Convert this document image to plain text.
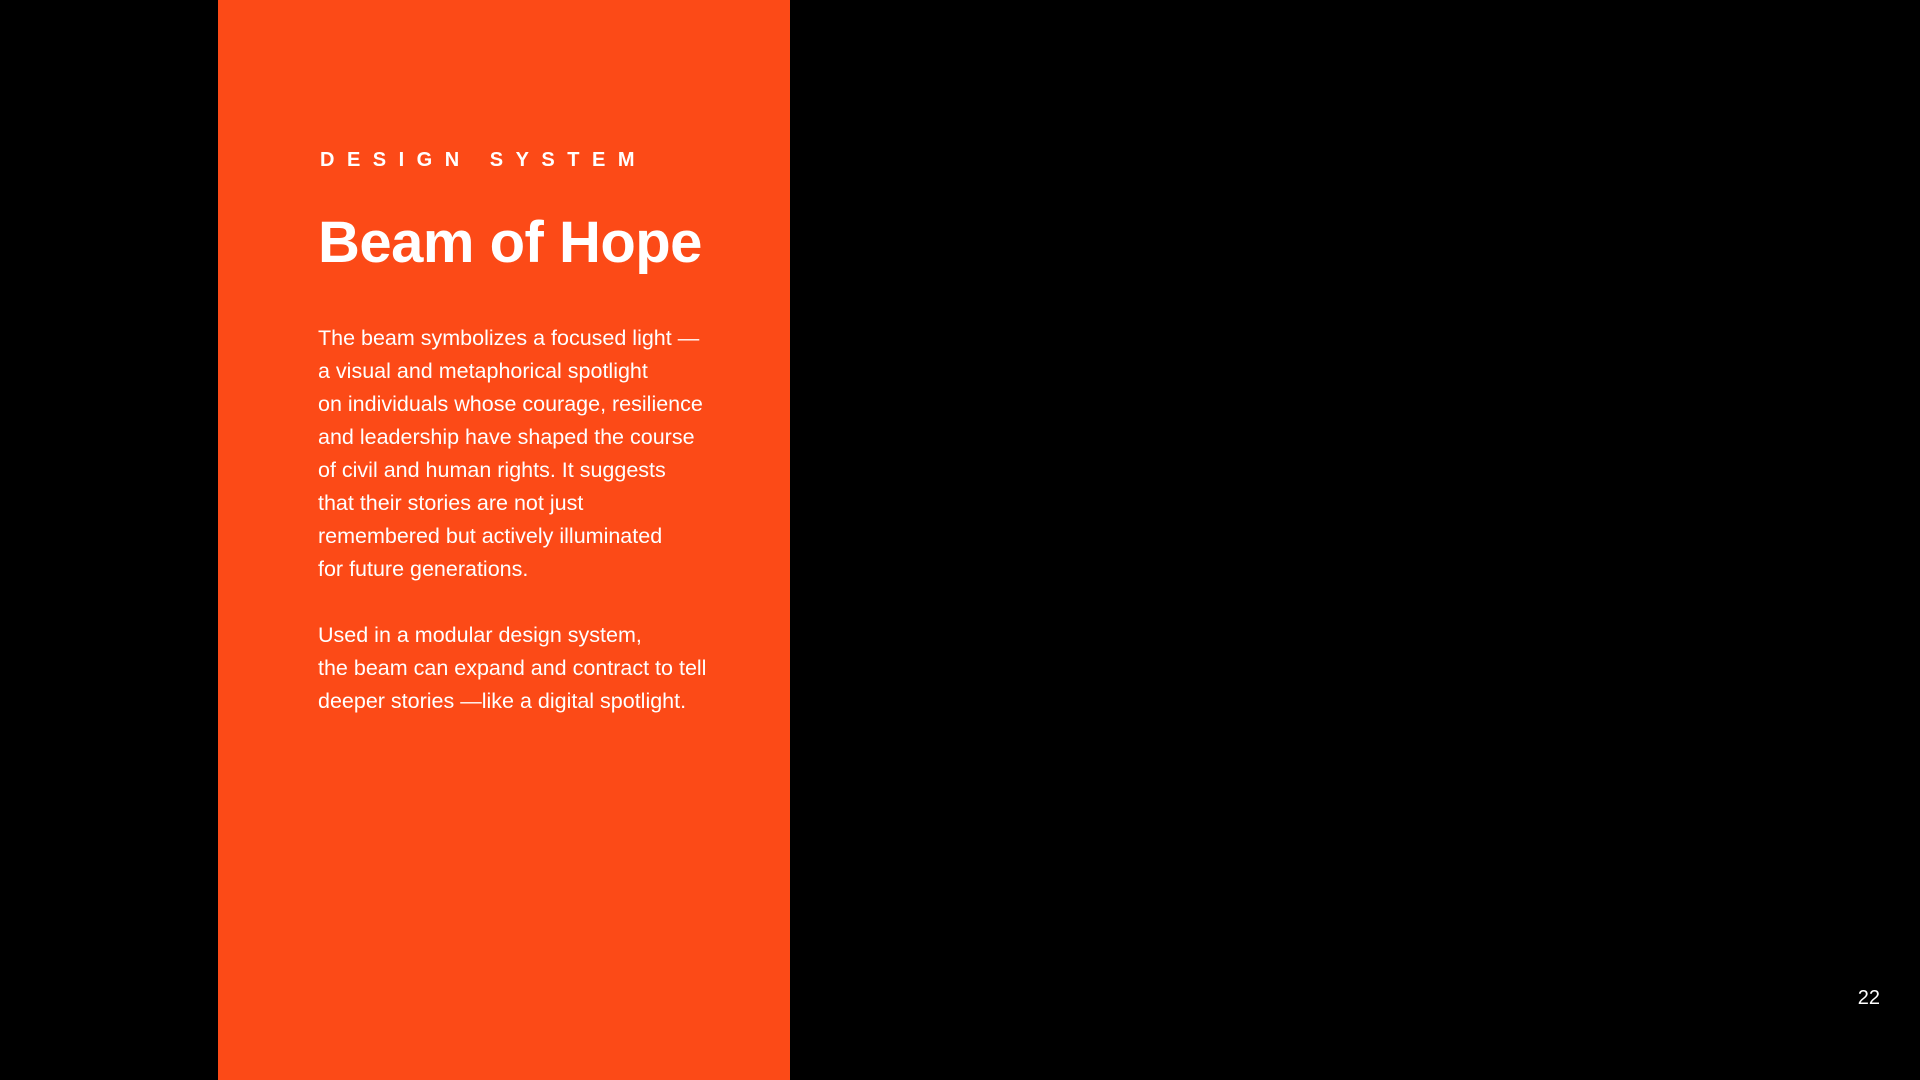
DESIGN SYSTEM
Beam of Hope

The beam symbolizes a focused light —
a visual and metaphorical spotlight
on individuals whose courage, resilience
and leadership have shaped the course
of civil and human rights. It suggests
that their stories are not just
remembered but actively illuminated
for future generations.

Used in a modular design system,
the beam can expand and contract to tell
deeper stories —like a digital spotlight.

22
